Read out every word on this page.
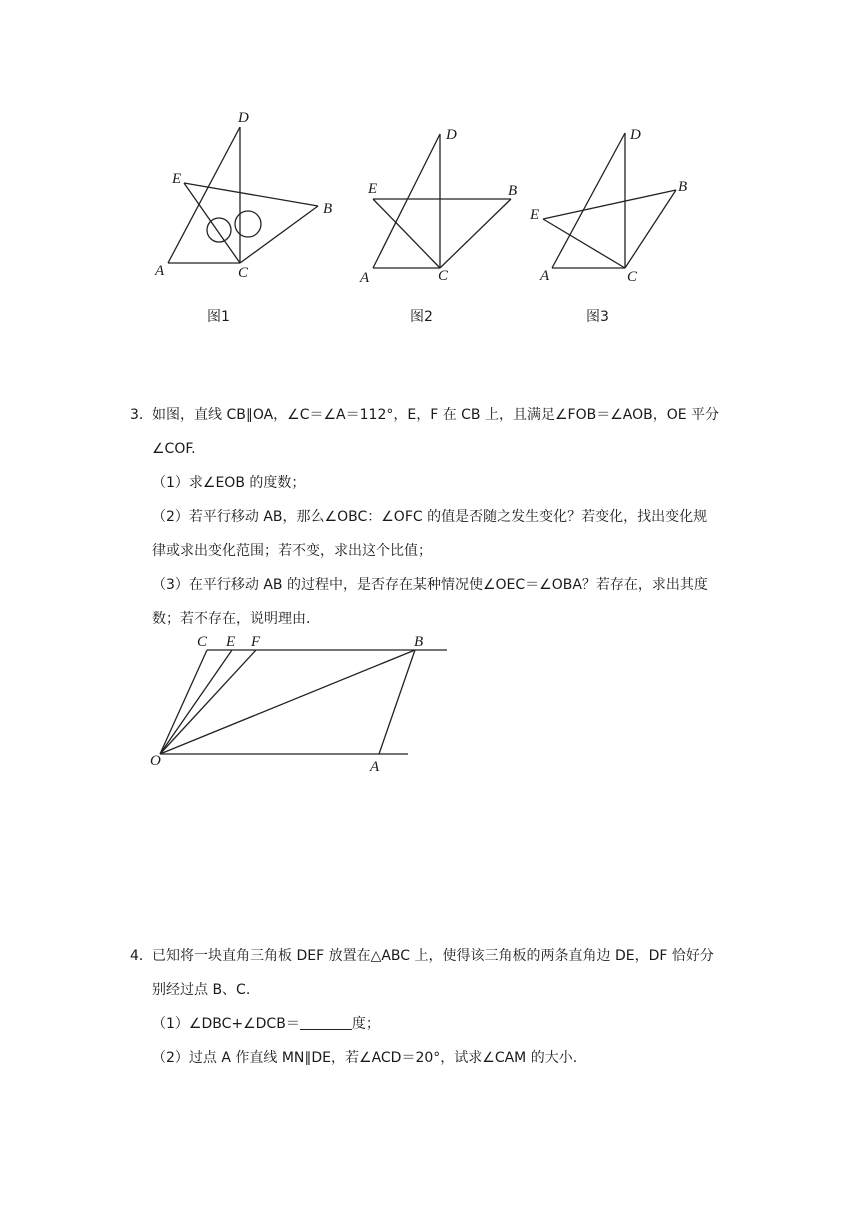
D
E
B
A	C
图1
D
E	B
A	C
图2
D
E
B
A	C
图3
3． 如图，直线 CB∥OA，∠C＝∠A＝112°，E，F 在 CB 上，且满足∠FOB＝∠AOB，OE 平分
∠COF.
（1）求∠EOB 的度数；
（2）若平行移动 AB，那么∠OBC：∠OFC 的值是否随之发生变化？若变化，找出变化规
律或求出变化范围；若不变，求出这个比值；
（3）在平行移动 AB 的过程中，是否存在某种情况使∠OEC＝∠OBA？若存在，求出其度
数；若不存在，说明理由.
C E F	B
O	A
4． 已知将一块直角三角板 DEF 放置在△ABC 上，使得该三角板的两条直角边 DE，DF 恰好分
别经过点 B、C.
（1）∠DBC+∠DCB＝	度；
（2）过点 A 作直线 MN∥DE，若∠ACD＝20°，试求∠CAM 的大小.
